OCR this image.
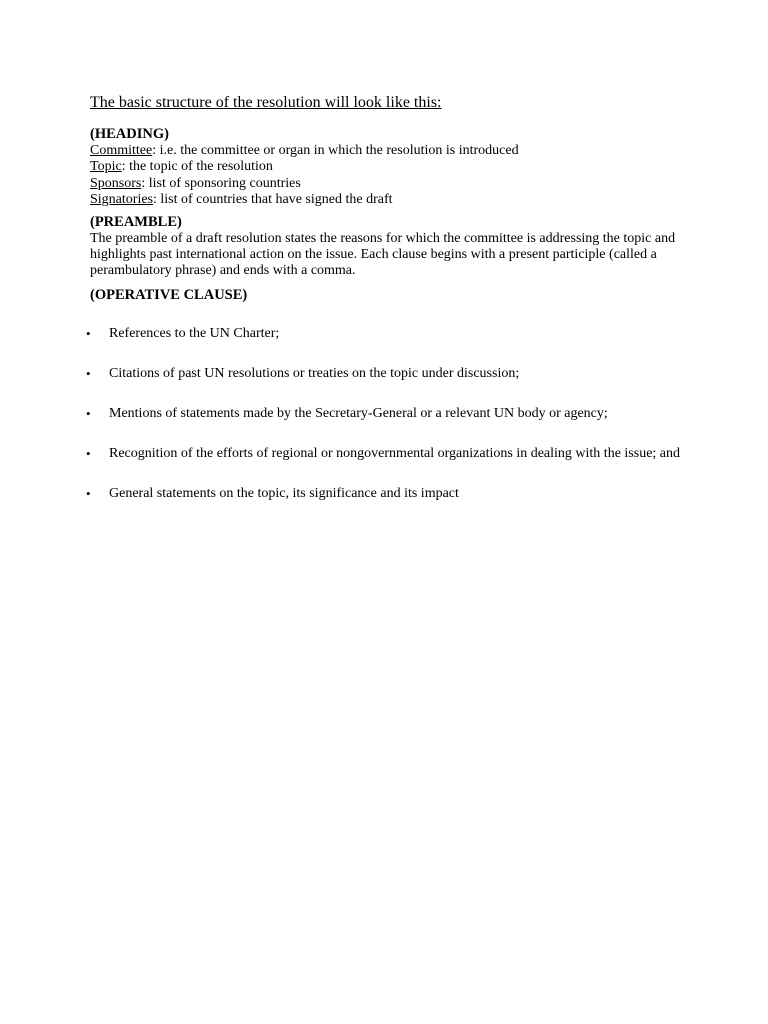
The basic structure of the resolution will look like this:

(HEADING)

Committee: i.e. the committee or organ in which the resolution is introduced
Topic: the topic of the resolution
Sponsors: list of sponsoring countries
Signatories: list of countries that have signed the draft

(PREAMBLE)

The preamble of a draft resolution states the reasons for which the committee is addressing the topic and
highlights past international action on the issue. Each clause begins with a present participle (called a
perambulatory phrase) and ends with a comma.

(OPERATIVE CLAUSE)

• References to the UN Charter;
• Citations of past UN resolutions or treaties on the topic under discussion;
• Mentions of statements made by the Secretary-General or a relevant UN body or agency;
• Recognition of the efforts of regional or nongovernmental organizations in dealing with the issue; and
• General statements on the topic, its significance and its impact
